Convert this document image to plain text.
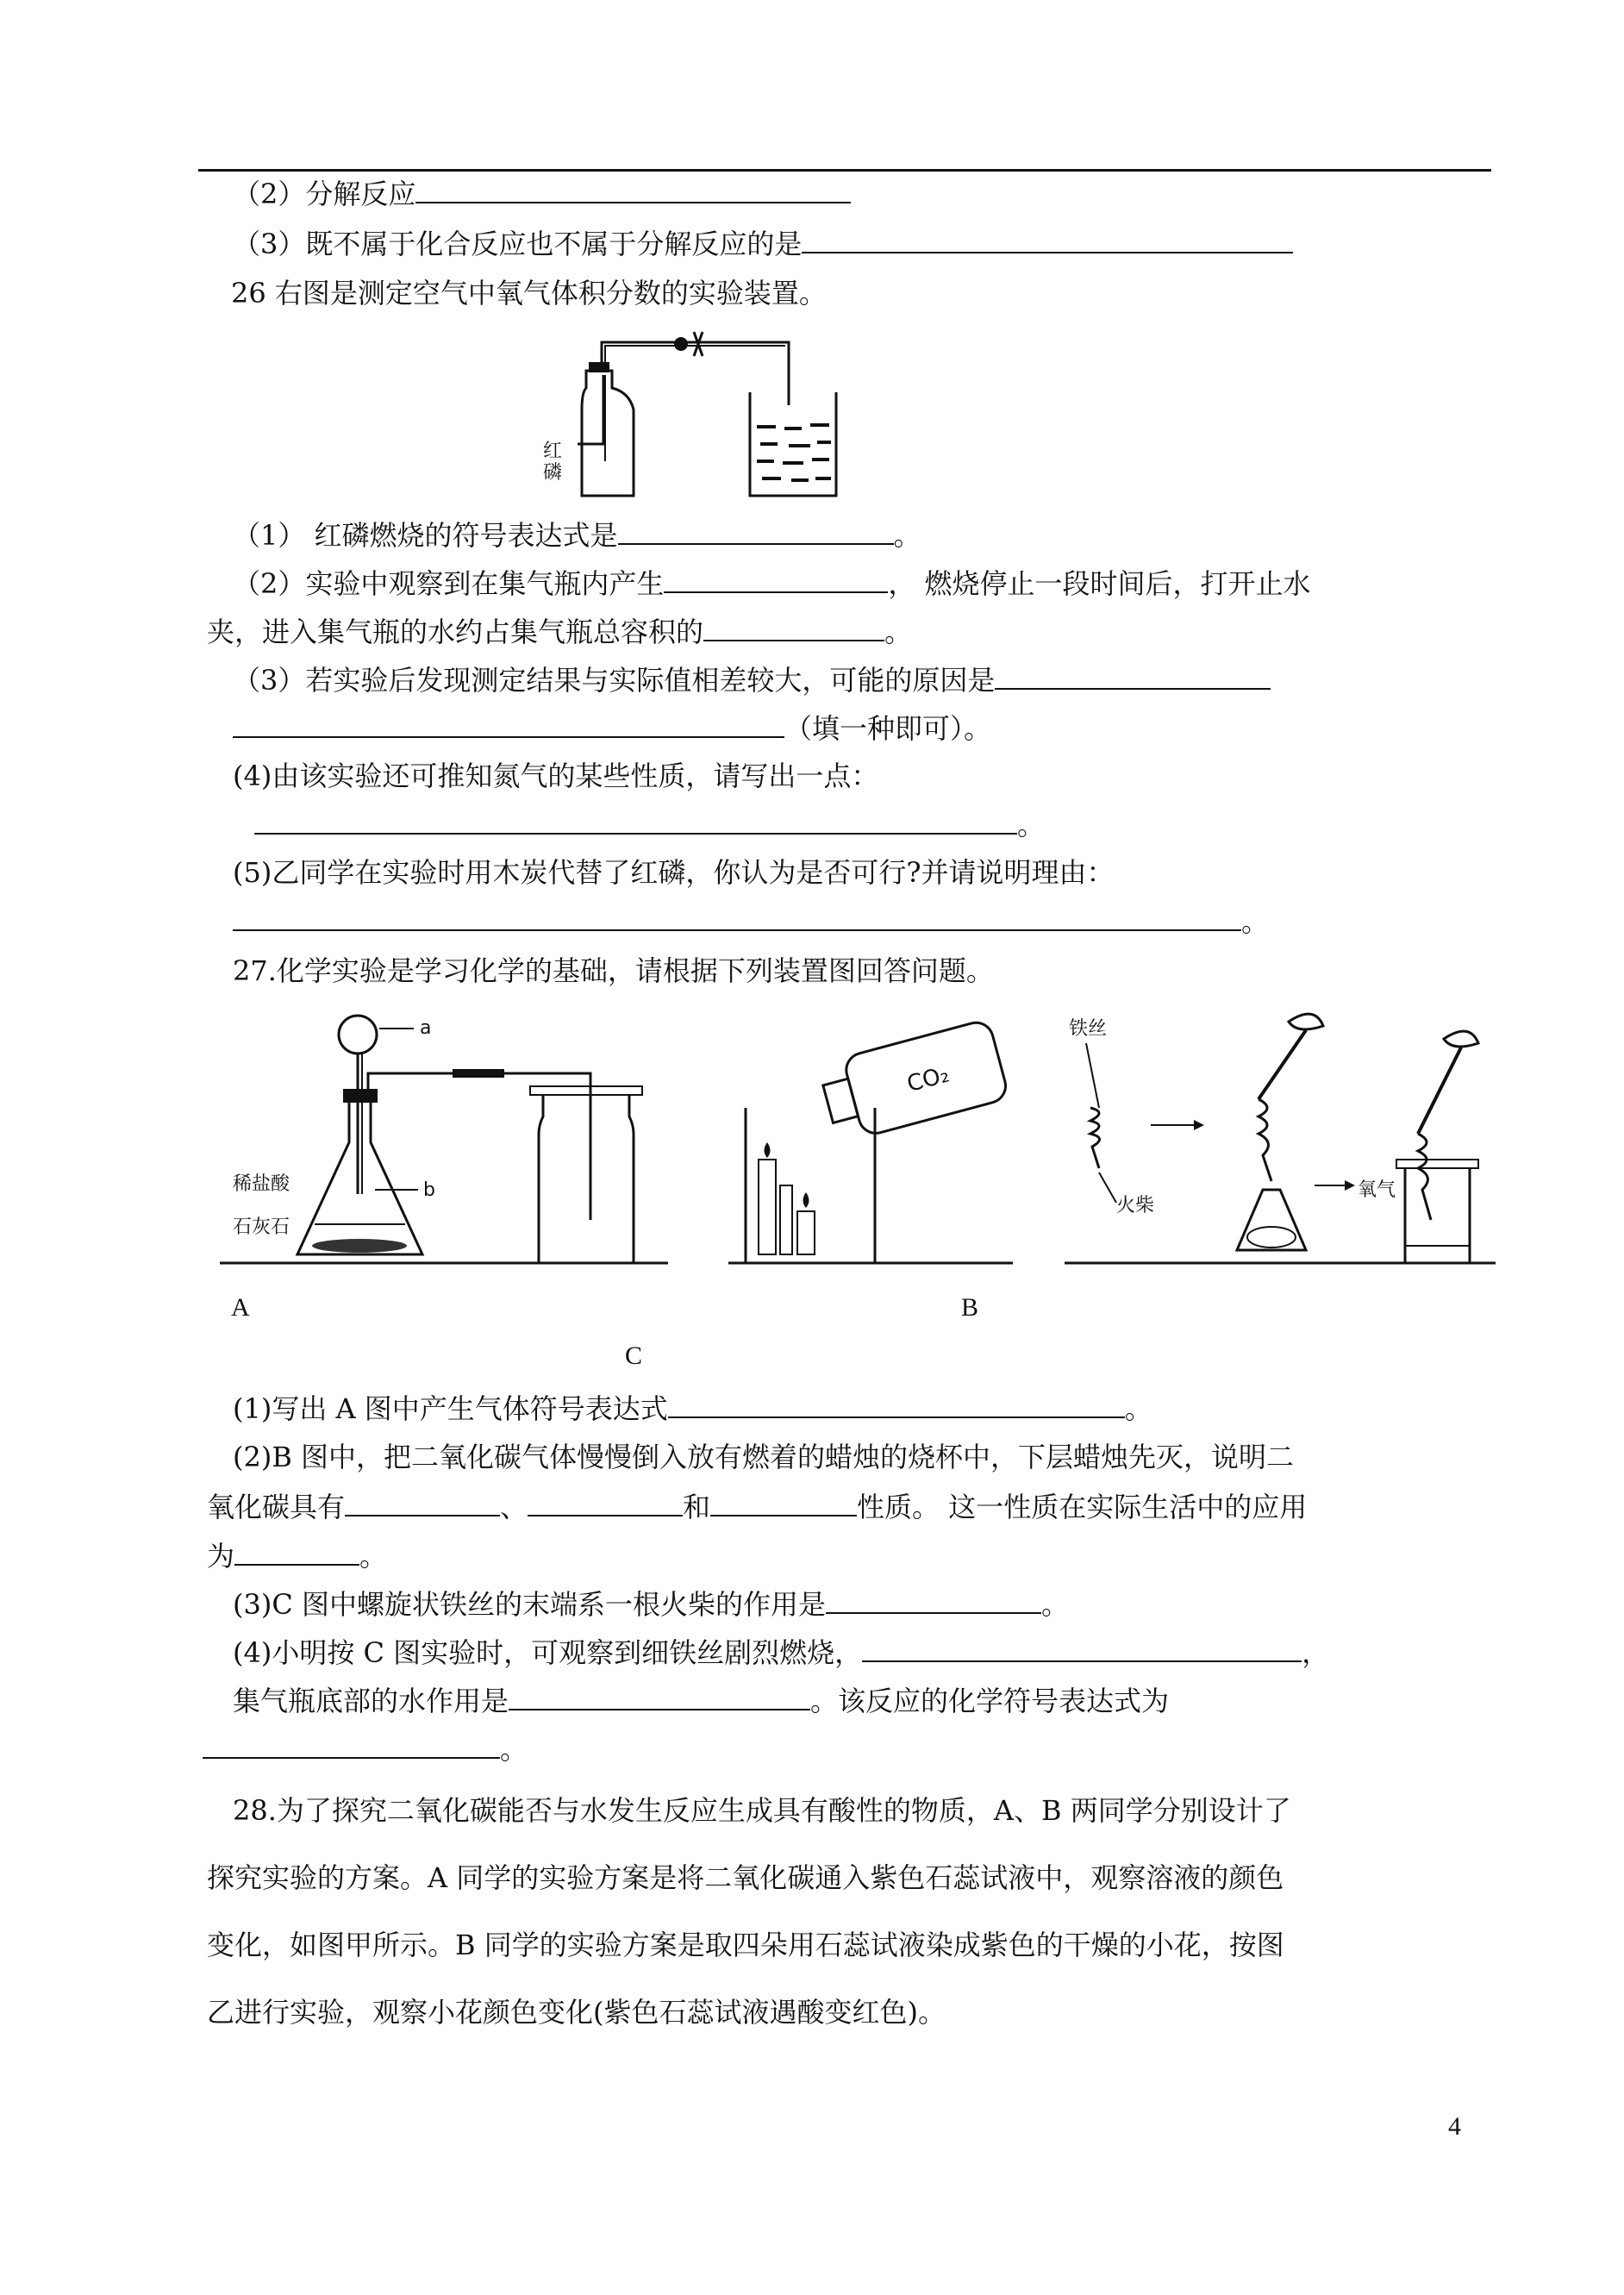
（2）分解反应
（3）既不属于化合反应也不属于分解反应的是
26 右图是测定空气中氧气体积分数的实验装置。
红
磷
（1） 红磷燃烧的符号表达式是	。
（2）实验中观察到在集气瓶内产生	， 燃烧停止一段时间后，打开止水
夹，进入集气瓶的水约占集气瓶总容积的	。
（3）若实验后发现测定结果与实际值相差较大，可能的原因是
（填一种即可）。
(4)由该实验还可推知氮气的某些性质，请写出一点：
。
(5)乙同学在实验时用木炭代替了红磷，你认为是否可行?并请说明理由：
。
27.化学实验是学习化学的基础，请根据下列装置图回答问题。
a
b
稀盐酸
石灰石
CO₂
铁丝
火柴
氧气
A	B
C
(1)写出 A 图中产生气体符号表达式	。
(2)B 图中，把二氧化碳气体慢慢倒入放有燃着的蜡烛的烧杯中，下层蜡烛先灭，说明二
氧化碳具有	、	和	性质。 这一性质在实际生活中的应用
为	。
(3)C 图中螺旋状铁丝的末端系一根火柴的作用是	。
(4)小明按 C 图实验时，可观察到细铁丝剧烈燃烧，	，
集气瓶底部的水作用是	。该反应的化学符号表达式为
。
28.为了探究二氧化碳能否与水发生反应生成具有酸性的物质，A、B 两同学分别设计了
探究实验的方案。A 同学的实验方案是将二氧化碳通入紫色石蕊试液中，观察溶液的颜色
变化，如图甲所示。B 同学的实验方案是取四朵用石蕊试液染成紫色的干燥的小花，按图
乙进行实验，观察小花颜色变化(紫色石蕊试液遇酸变红色)。
4
